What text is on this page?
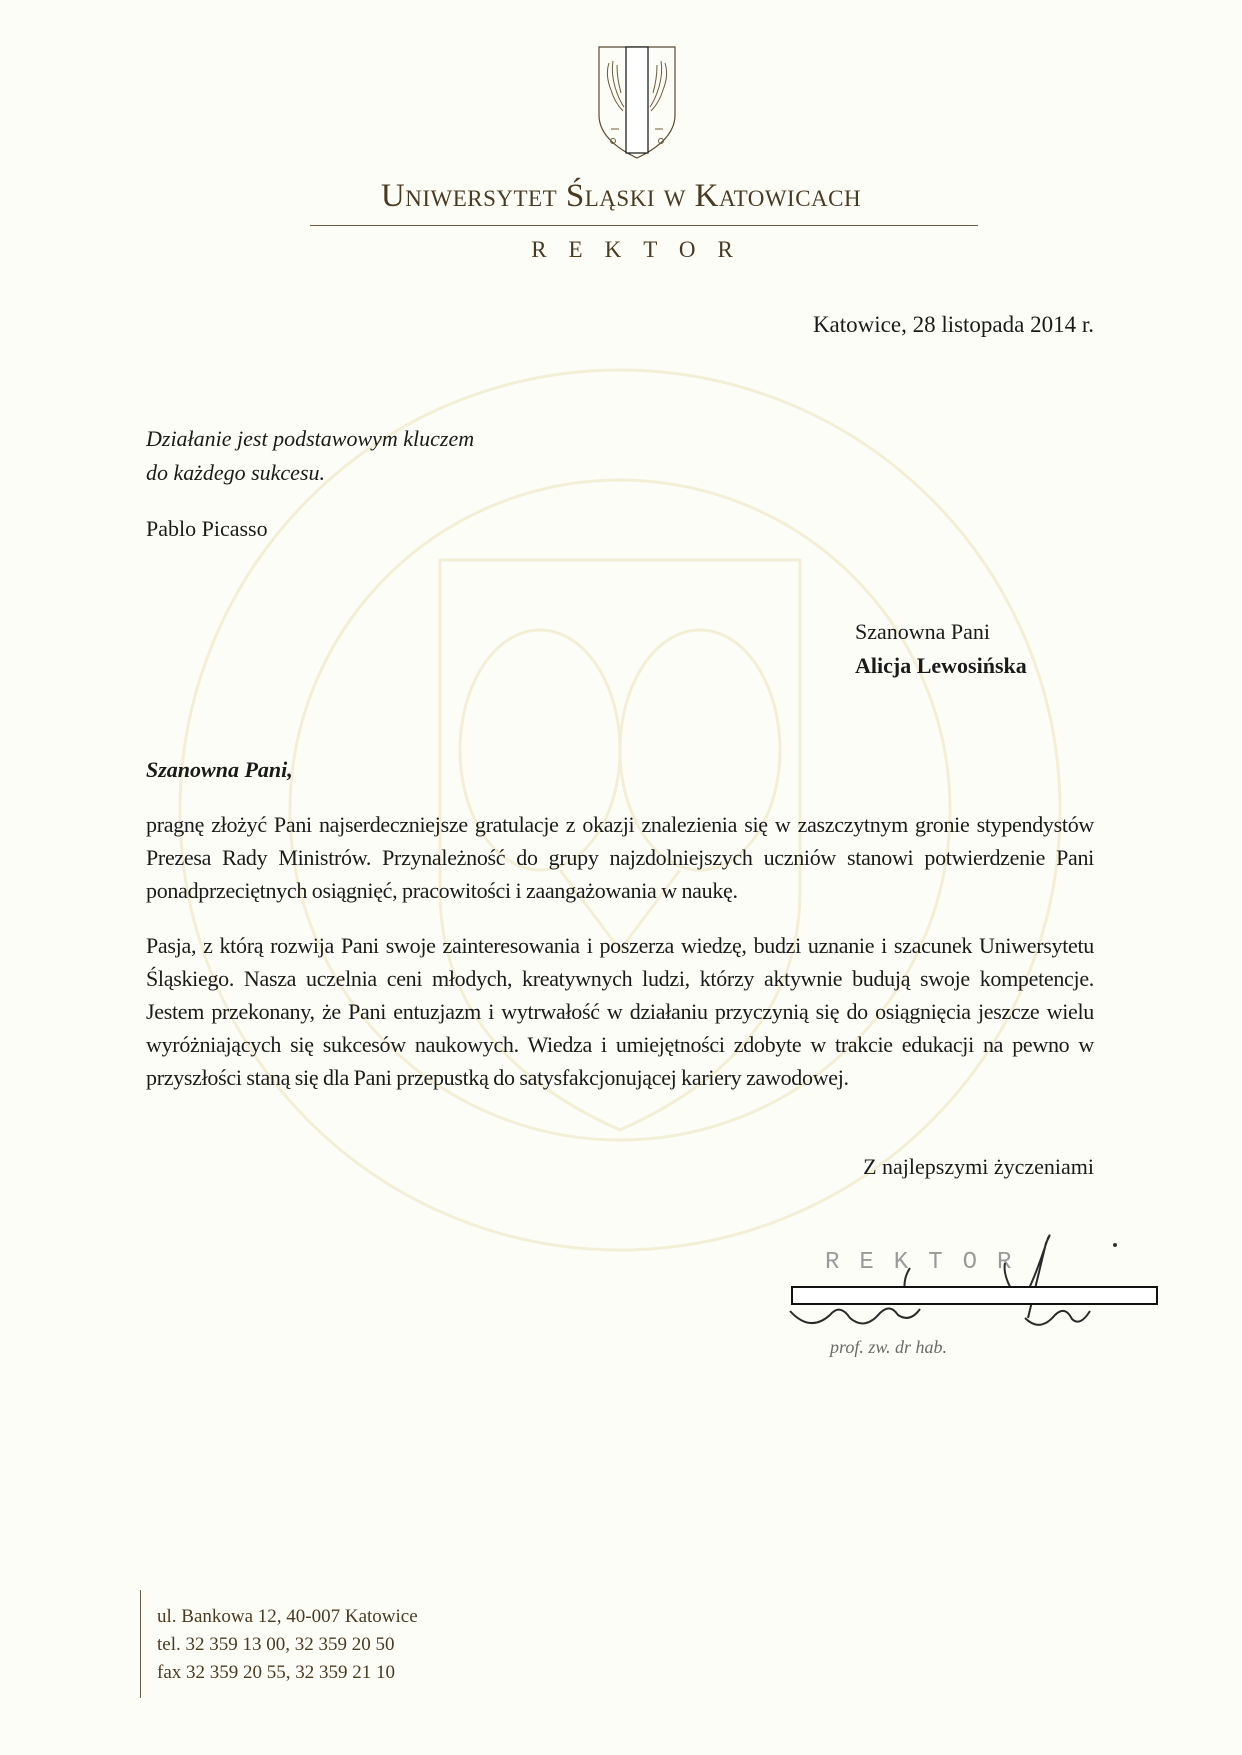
Uniwersytet Śląski w Katowicach
REKTOR
Katowice, 28 listopada 2014 r.
Działanie jest podstawowym kluczem
do każdego sukcesu.
Pablo Picasso
Szanowna Pani
Alicja Lewosińska
Szanowna Pani,

pragnę złożyć Pani najserdeczniejsze gratulacje z okazji znalezienia się w zaszczytnym gronie stypendystów Prezesa Rady Ministrów. Przynależność do grupy najzdolniejszych uczniów stanowi potwierdzenie Pani ponadprzeciętnych osiągnięć, pracowitości i zaangażowania w naukę.

Pasja, z którą rozwija Pani swoje zainteresowania i poszerza wiedzę, budzi uznanie i szacunek Uniwersytetu Śląskiego. Nasza uczelnia ceni młodych, kreatywnych ludzi, którzy aktywnie budują swoje kompetencje. Jestem przekonany, że Pani entuzjazm i wytrwałość w działaniu przyczynią się do osiągnięcia jeszcze wielu wyróżniających się sukcesów naukowych. Wiedza i umiejętności zdobyte w trakcie edukacji na pewno w przyszłości staną się dla Pani przepustką do satysfakcjonującej kariery zawodowej.

Z najlepszymi życzeniami
REKTOR
prof. zw. dr hab.
ul. Bankowa 12, 40-007 Katowice
tel. 32 359 13 00, 32 359 20 50
fax 32 359 20 55, 32 359 21 10
